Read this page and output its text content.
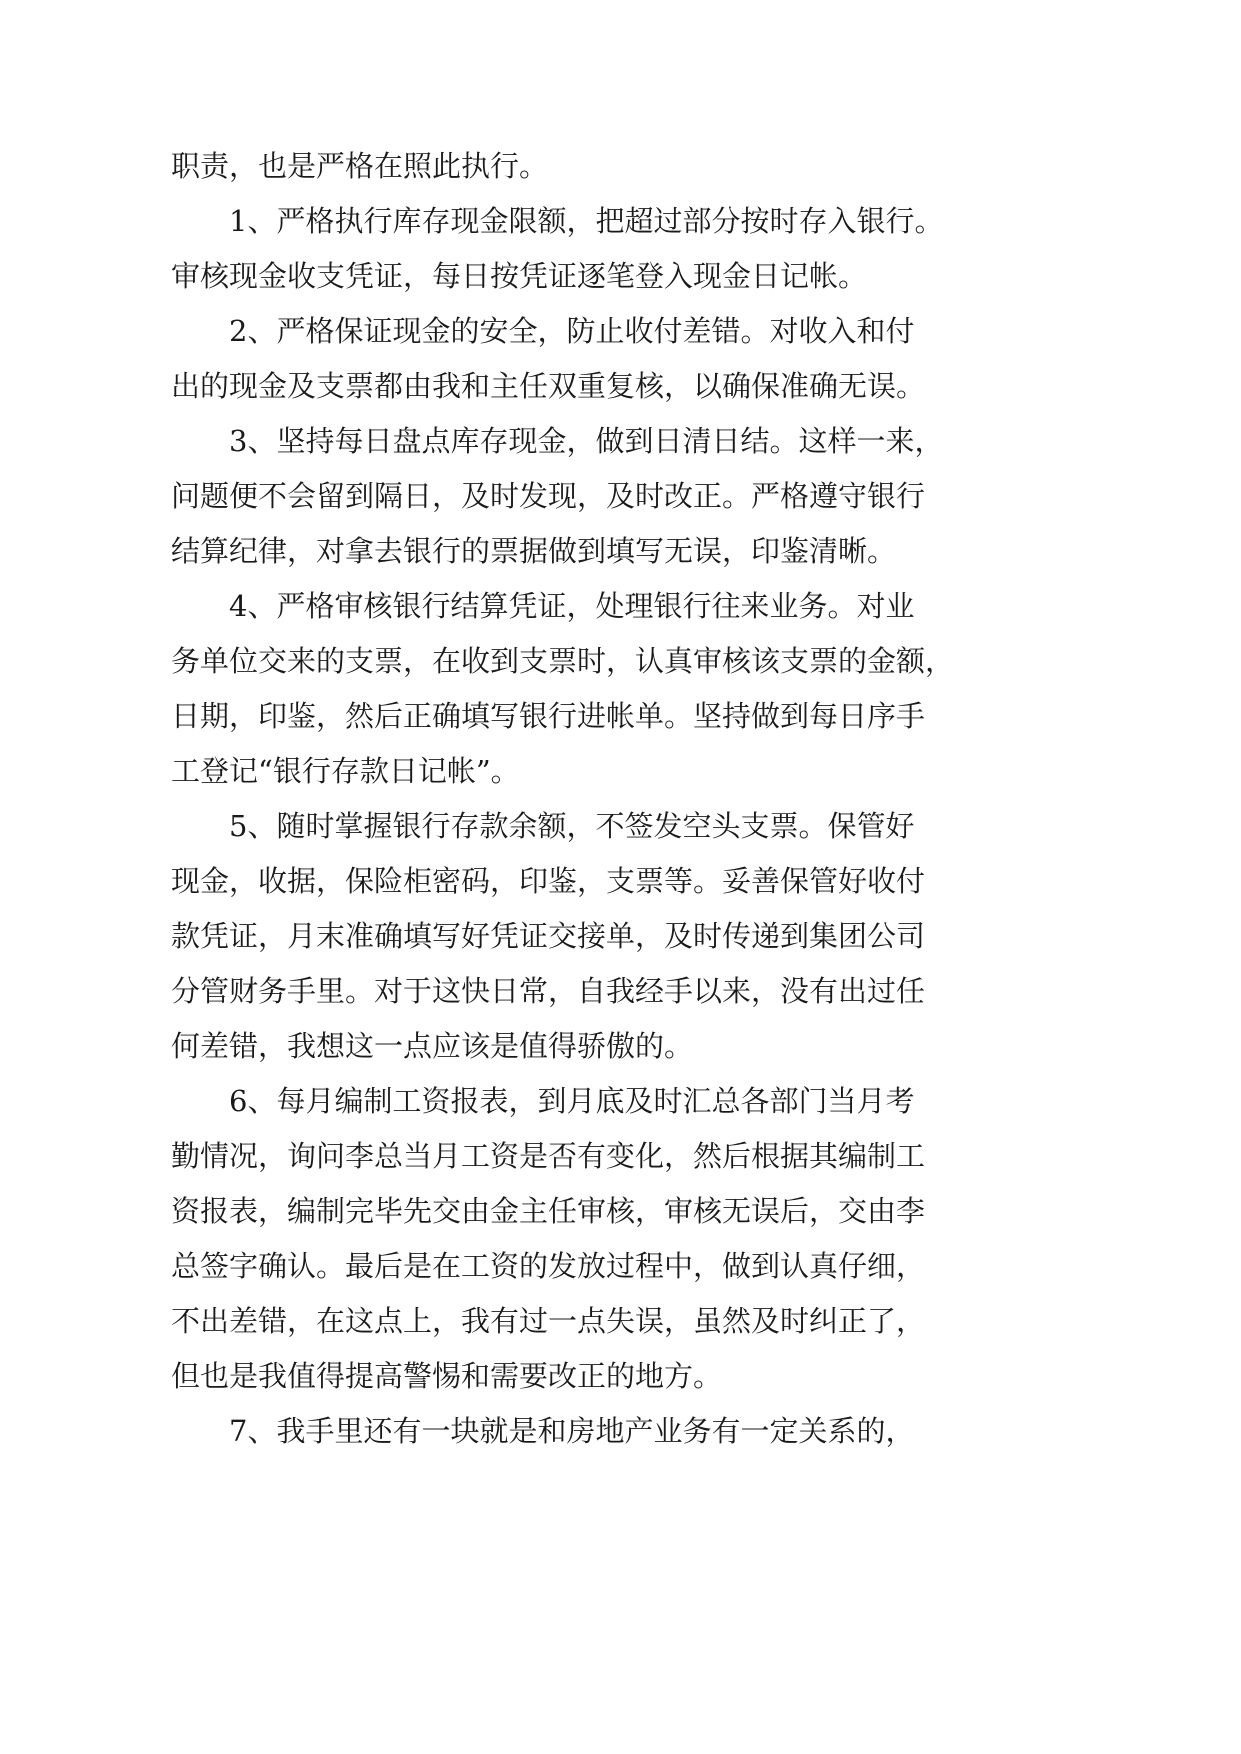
职责，也是严格在照此执行。
1、严格执行库存现金限额，把超过部分按时存入银行。
审核现金收支凭证，每日按凭证逐笔登入现金日记帐。
2、严格保证现金的安全，防止收付差错。对收入和付
出的现金及支票都由我和主任双重复核，以确保准确无误。
3、坚持每日盘点库存现金，做到日清日结。这样一来，
问题便不会留到隔日，及时发现，及时改正。严格遵守银行
结算纪律，对拿去银行的票据做到填写无误，印鉴清晰。
4、严格审核银行结算凭证，处理银行往来业务。对业
务单位交来的支票，在收到支票时，认真审核该支票的金额，
日期，印鉴，然后正确填写银行进帐单。坚持做到每日序手
工登记“银行存款日记帐”。
5、随时掌握银行存款余额，不签发空头支票。保管好
现金，收据，保险柜密码，印鉴，支票等。妥善保管好收付
款凭证，月末准确填写好凭证交接单，及时传递到集团公司
分管财务手里。对于这快日常，自我经手以来，没有出过任
何差错，我想这一点应该是值得骄傲的。
6、每月编制工资报表，到月底及时汇总各部门当月考
勤情况，询问李总当月工资是否有变化，然后根据其编制工
资报表，编制完毕先交由金主任审核，审核无误后，交由李
总签字确认。最后是在工资的发放过程中，做到认真仔细，
不出差错，在这点上，我有过一点失误，虽然及时纠正了，
但也是我值得提高警惕和需要改正的地方。
7、我手里还有一块就是和房地产业务有一定关系的，
